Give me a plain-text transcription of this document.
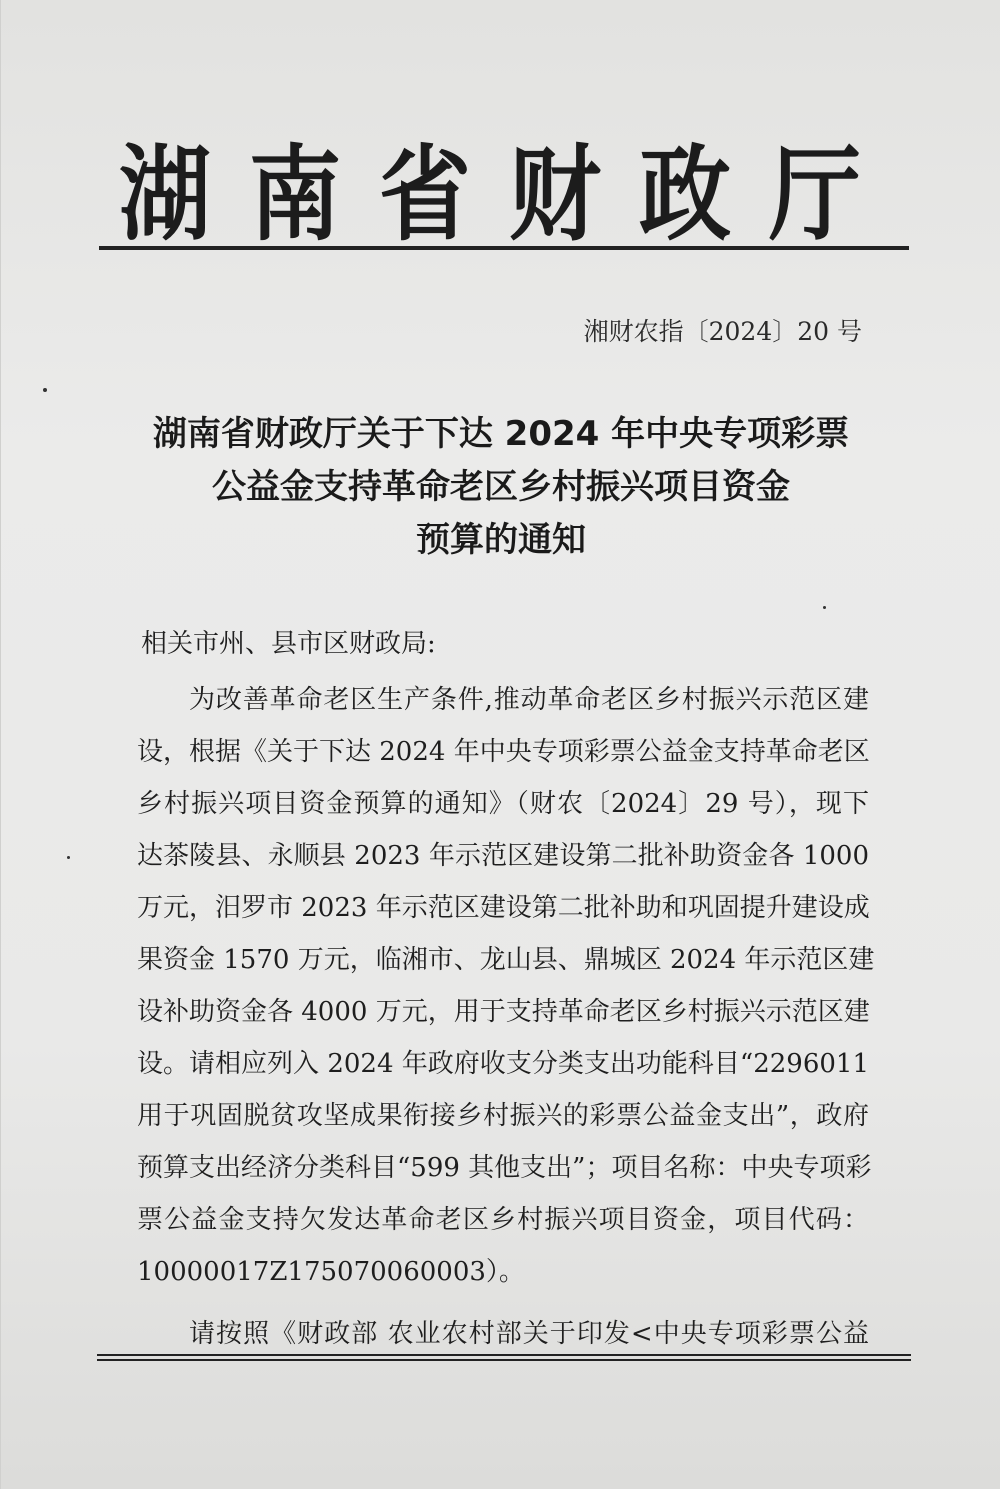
湖南省财政厅
湘财农指〔2024〕20 号
湖南省财政厅关于下达 2024 年中央专项彩票
公益金支持革命老区乡村振兴项目资金
预算的通知
相关市州、县市区财政局:
为改善革命老区生产条件,推动革命老区乡村振兴示范区建
设，根据《关于下达 2024 年中央专项彩票公益金支持革命老区
乡村振兴项目资金预算的通知》（财农〔2024〕29 号），现下
达茶陵县、永顺县 2023 年示范区建设第二批补助资金各 1000
万元，汨罗市 2023 年示范区建设第二批补助和巩固提升建设成
果资金 1570 万元，临湘市、龙山县、鼎城区 2024 年示范区建
设补助资金各 4000 万元，用于支持革命老区乡村振兴示范区建
设。请相应列入 2024 年政府收支分类支出功能科目“2296011
用于巩固脱贫攻坚成果衔接乡村振兴的彩票公益金支出”，政府
预算支出经济分类科目“599 其他支出”；项目名称：中央专项彩
票公益金支持欠发达革命老区乡村振兴项目资金，项目代码：
10000017Z175070060003）。
请按照《财政部 农业农村部关于印发<中央专项彩票公益
